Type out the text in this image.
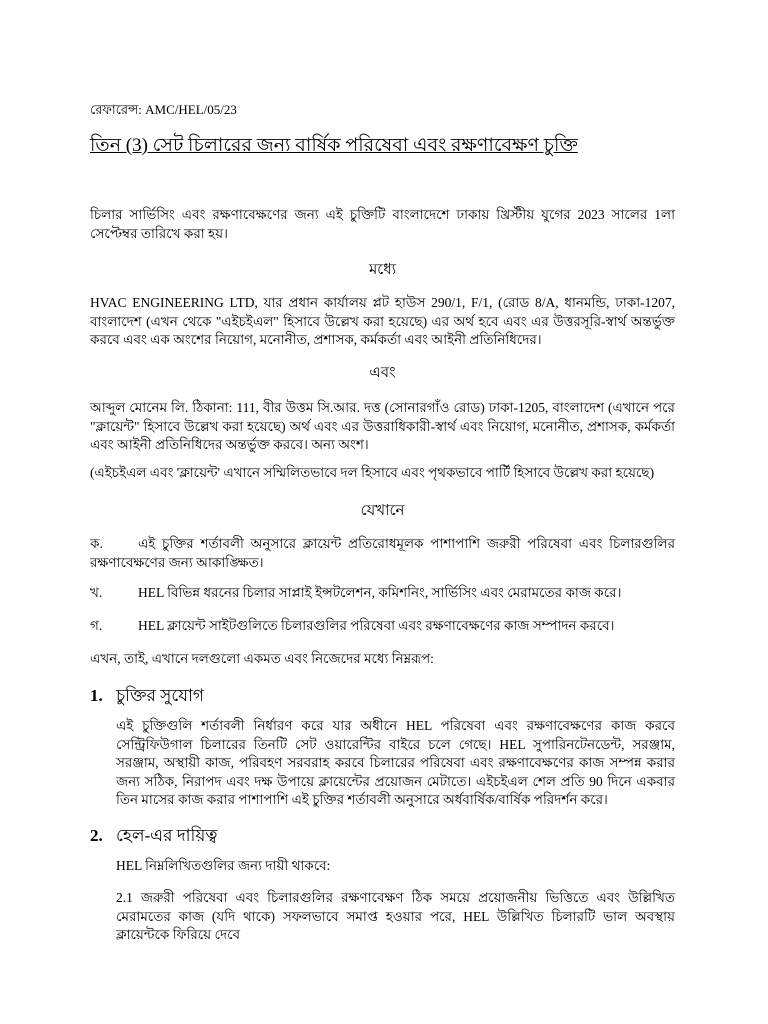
রেফারেন্স: AMC/HEL/05/23
তিন (3) সেট চিলারের জন্য বার্ষিক পরিষেবা এবং রক্ষণাবেক্ষণ চুক্তি
চিলার সার্ভিসিং এবং রক্ষণাবেক্ষণের জন্য এই চুক্তিটি বাংলাদেশে ঢাকায় খ্রিস্টীয় যুগের 2023 সালের 1লা সেপ্টেম্বর তারিখে করা হয়।
মধ্যে
HVAC ENGINEERING LTD, যার প্রধান কার্যালয় প্লট হাউস 290/1, F/1, (রোড 8/A, ধানমন্ডি, ঢাকা-1207, বাংলাদেশ (এখন থেকে "এইচইএল" হিসাবে উল্লেখ করা হয়েছে) এর অর্থ হবে এবং এর উত্তরসূরি-স্বার্থ অন্তর্ভুক্ত করবে এবং এক অংশের নিয়োগ, মনোনীত, প্রশাসক, কর্মকর্তা এবং আইনী প্রতিনিধিদের।
এবং
আব্দুল মোনেম লি. ঠিকানা: 111, বীর উত্তম সি.আর. দত্ত (সোনারগাঁও রোড) ঢাকা-1205, বাংলাদেশ (এখানে পরে "ক্লায়েন্ট" হিসাবে উল্লেখ করা হয়েছে) অর্থ এবং এর উত্তরাধিকারী-স্বার্থ এবং নিয়োগ, মনোনীত, প্রশাসক, কর্মকর্তা এবং আইনী প্রতিনিধিদের অন্তর্ভুক্ত করবে। অন্য অংশ।
(এইচইএল এবং 'ক্লায়েন্ট' এখানে সম্মিলিতভাবে দল হিসাবে এবং পৃথকভাবে পার্টি হিসাবে উল্লেখ করা হয়েছে)
যেখানে
ক.	এই চুক্তির শর্তাবলী অনুসারে ক্লায়েন্ট প্রতিরোধমূলক পাশাপাশি জরুরী পরিষেবা এবং চিলারগুলির রক্ষণাবেক্ষণের জন্য আকাঙ্ক্ষিত।
খ.	HEL বিভিন্ন ধরনের চিলার সাপ্লাই ইন্সটলেশন, কমিশনিং, সার্ভিসিং এবং মেরামতের কাজ করে।
গ.	HEL ক্লায়েন্ট সাইটগুলিতে চিলারগুলির পরিষেবা এবং রক্ষণাবেক্ষণের কাজ সম্পাদন করবে।
এখন, তাই, এখানে দলগুলো একমত এবং নিজেদের মধ্যে নিম্নরূপ:
1. চুক্তির সুযোগ
এই চুক্তিগুলি শর্তাবলী নির্ধারণ করে যার অধীনে HEL পরিষেবা এবং রক্ষণাবেক্ষণের কাজ করবে সেন্ট্রিফিউগাল চিলারের তিনটি সেট ওয়ারেন্টির বাইরে চলে গেছে। HEL সুপারিনটেনডেন্ট, সরঞ্জাম, সরঞ্জাম, অস্থায়ী কাজ, পরিবহণ সরবরাহ করবে চিলারের পরিষেবা এবং রক্ষণাবেক্ষণের কাজ সম্পন্ন করার জন্য সঠিক, নিরাপদ এবং দক্ষ উপায়ে ক্লায়েন্টের প্রয়োজন মেটাতে। এইচইএল শেল প্রতি 90 দিনে একবার তিন মাসের কাজ করার পাশাপাশি এই চুক্তির শর্তাবলী অনুসারে অর্ধবার্ষিক/বার্ষিক পরিদর্শন করে।
2. হেল-এর দায়িত্ব
HEL নিম্নলিখিতগুলির জন্য দায়ী থাকবে:
2.1 জরুরী পরিষেবা এবং চিলারগুলির রক্ষণাবেক্ষণ ঠিক সময়ে প্রয়োজনীয় ভিত্তিতে এবং উল্লিখিত মেরামতের কাজ (যদি থাকে) সফলভাবে সমাপ্ত হওয়ার পরে, HEL উল্লিখিত চিলারটি ভাল অবস্থায় ক্লায়েন্টকে ফিরিয়ে দেবে
